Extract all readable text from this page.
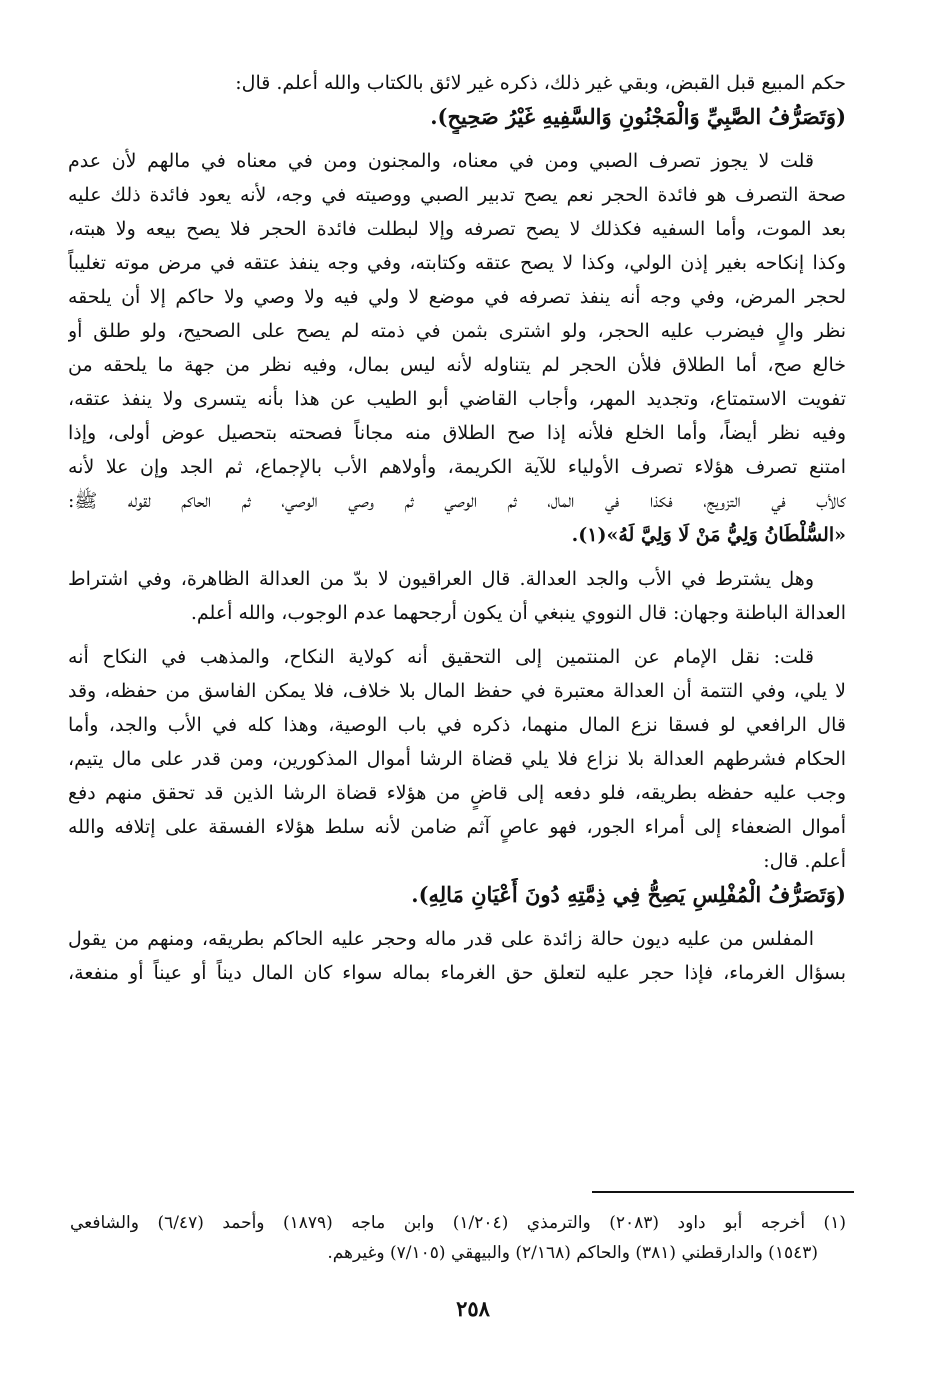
حكم المبيع قبل القبض، وبقي غير ذلك، ذكره غير لائق بالكتاب والله أعلم. قال:
(وَتَصَرُّفُ الصَّبِيِّ وَالْمَجْنُونِ وَالسَّفِيهِ غَيْرُ صَحِيحٍ).
قلت لا يجوز تصرف الصبي ومن في معناه، والمجنون ومن في معناه في مالهم لأن عدم
صحة التصرف هو فائدة الحجر نعم يصح تدبير الصبي ووصيته في وجه، لأنه يعود فائدة ذلك عليه
بعد الموت، وأما السفيه فكذلك لا يصح تصرفه وإلا لبطلت فائدة الحجر فلا يصح بيعه ولا هبته،
وكذا إنكاحه بغير إذن الولي، وكذا لا يصح عتقه وكتابته، وفي وجه ينفذ عتقه في مرض موته تغليباً
لحجر المرض، وفي وجه أنه ينفذ تصرفه في موضع لا ولي فيه ولا وصي ولا حاكم إلا أن يلحقه
نظر والٍ فيضرب عليه الحجر، ولو اشترى بثمن في ذمته لم يصح على الصحيح، ولو طلق أو
خالع صح، أما الطلاق فلأن الحجر لم يتناوله لأنه ليس بمال، وفيه نظر من جهة ما يلحقه من
تفويت الاستمتاع، وتجديد المهر، وأجاب القاضي أبو الطيب عن هذا بأنه يتسرى ولا ينفذ عتقه،
وفيه نظر أيضاً، وأما الخلع فلأنه إذا صح الطلاق منه مجاناً فصحته بتحصيل عوض أولى، وإذا
امتنع تصرف هؤلاء تصرف الأولياء للآية الكريمة، وأولاهم الأب بالإجماع، ثم الجد وإن علا لأنه
كالأب في التزويج، فكذا في المال، ثم الوصي ثم وصي الوصي، ثم الحاكم لقوله ﷺ:
«السُّلْطَانُ وَلِيُّ مَنْ لَا وَلِيَّ لَهُ»(١).
وهل يشترط في الأب والجد العدالة. قال العراقيون لا بدّ من العدالة الظاهرة، وفي اشتراط
العدالة الباطنة وجهان: قال النووي ينبغي أن يكون أرجحهما عدم الوجوب، والله أعلم.
قلت: نقل الإمام عن المنتمين إلى التحقيق أنه كولاية النكاح، والمذهب في النكاح أنه
لا يلي، وفي التتمة أن العدالة معتبرة في حفظ المال بلا خلاف، فلا يمكن الفاسق من حفظه، وقد
قال الرافعي لو فسقا نزع المال منهما، ذكره في باب الوصية، وهذا كله في الأب والجد، وأما
الحكام فشرطهم العدالة بلا نزاع فلا يلي قضاة الرشا أموال المذكورين، ومن قدر على مال يتيم،
وجب عليه حفظه بطريقه، فلو دفعه إلى قاضٍ من هؤلاء قضاة الرشا الذين قد تحقق منهم دفع
أموال الضعفاء إلى أمراء الجور، فهو عاصٍ آثم ضامن لأنه سلط هؤلاء الفسقة على إتلافه والله
أعلم. قال:
(وَتَصَرُّفُ الْمُفْلِسِ يَصِحُّ فِي ذِمَّتِهِ دُونَ أَعْيَانِ مَالِهِ).
المفلس من عليه ديون حالة زائدة على قدر ماله وحجر عليه الحاكم بطريقه، ومنهم من يقول
بسؤال الغرماء، فإذا حجر عليه لتعلق حق الغرماء بماله سواء كان المال ديناً أو عيناً أو منفعة،
(١) أخرجه أبو داود (٢٠٨٣) والترمذي (١/٢٠٤) وابن ماجه (١٨٧٩) وأحمد (٦/٤٧) والشافعي
(١٥٤٣) والدارقطني (٣٨١) والحاكم (٢/١٦٨) والبيهقي (٧/١٠٥) وغيرهم.
٢٥٨
